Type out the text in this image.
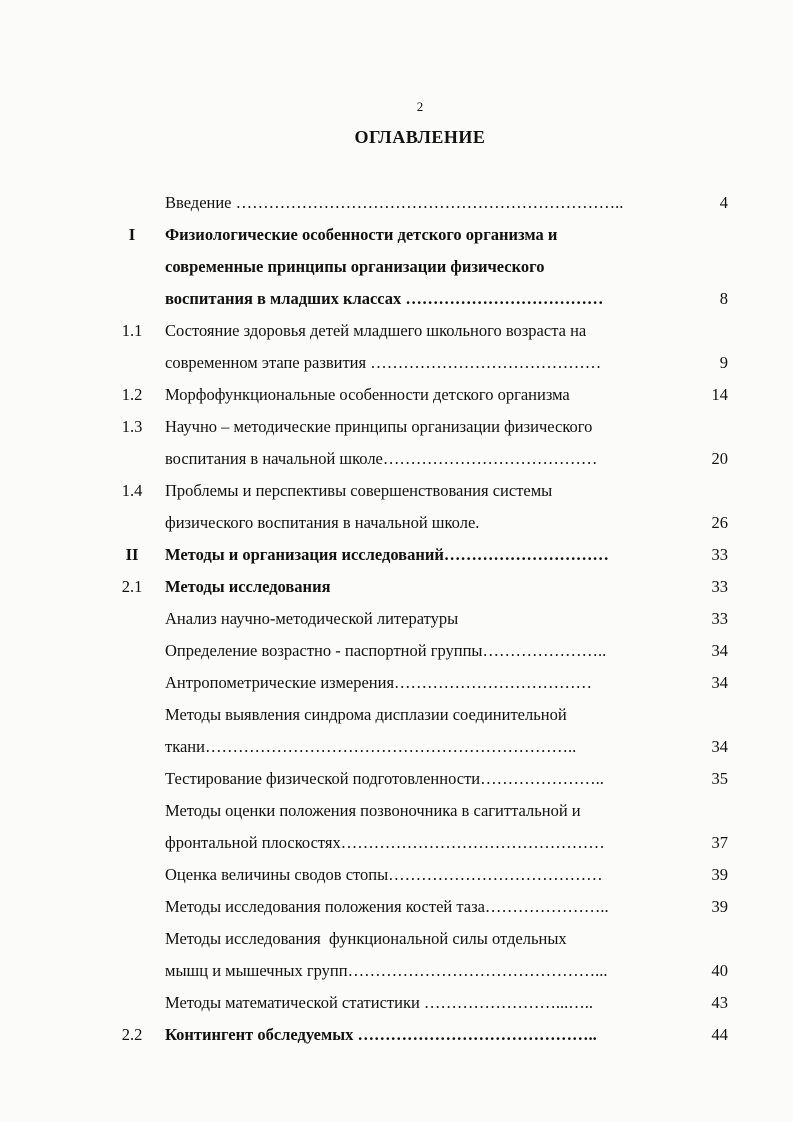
2
ОГЛАВЛЕНИЕ
Введение ……………………………………………………………..	4
I	Физиологические особенности детского организма и
современные принципы организации физического
воспитания в младших классах ………………………………	8
1.1	Состояние здоровья детей младшего школьного возраста на
современном этапе развития ……………………………………	9
1.2	Морфофункциональные особенности детского организма	14
1.3	Научно – методические принципы организации физического
воспитания в начальной школе…………………………………	20
1.4	Проблемы и перспективы совершенствования системы
физического воспитания в начальной школе.	26
II	Методы и организация исследований…………………………	33
2.1	Методы исследования	33
Анализ научно-методической литературы	33
Определение возрастно - паспортной группы…………………..	34
Антропометрические измерения………………………………	34
Методы выявления синдрома дисплазии соединительной
ткани…………………………………………………………..	34
Тестирование физической подготовленности…………………..	35
Методы оценки положения позвоночника в сагиттальной и
фронтальной плоскостях…………………………………………	37
Оценка величины сводов стопы…………………………………	39
Методы исследования положения костей таза…………………..	39
Методы исследования  функциональной силы отдельных
мышц и мышечных групп………………………………………...	40
Методы математической статистики ……………………...…..	43
2.2	Контингент обследуемых ……………………………………..	44
